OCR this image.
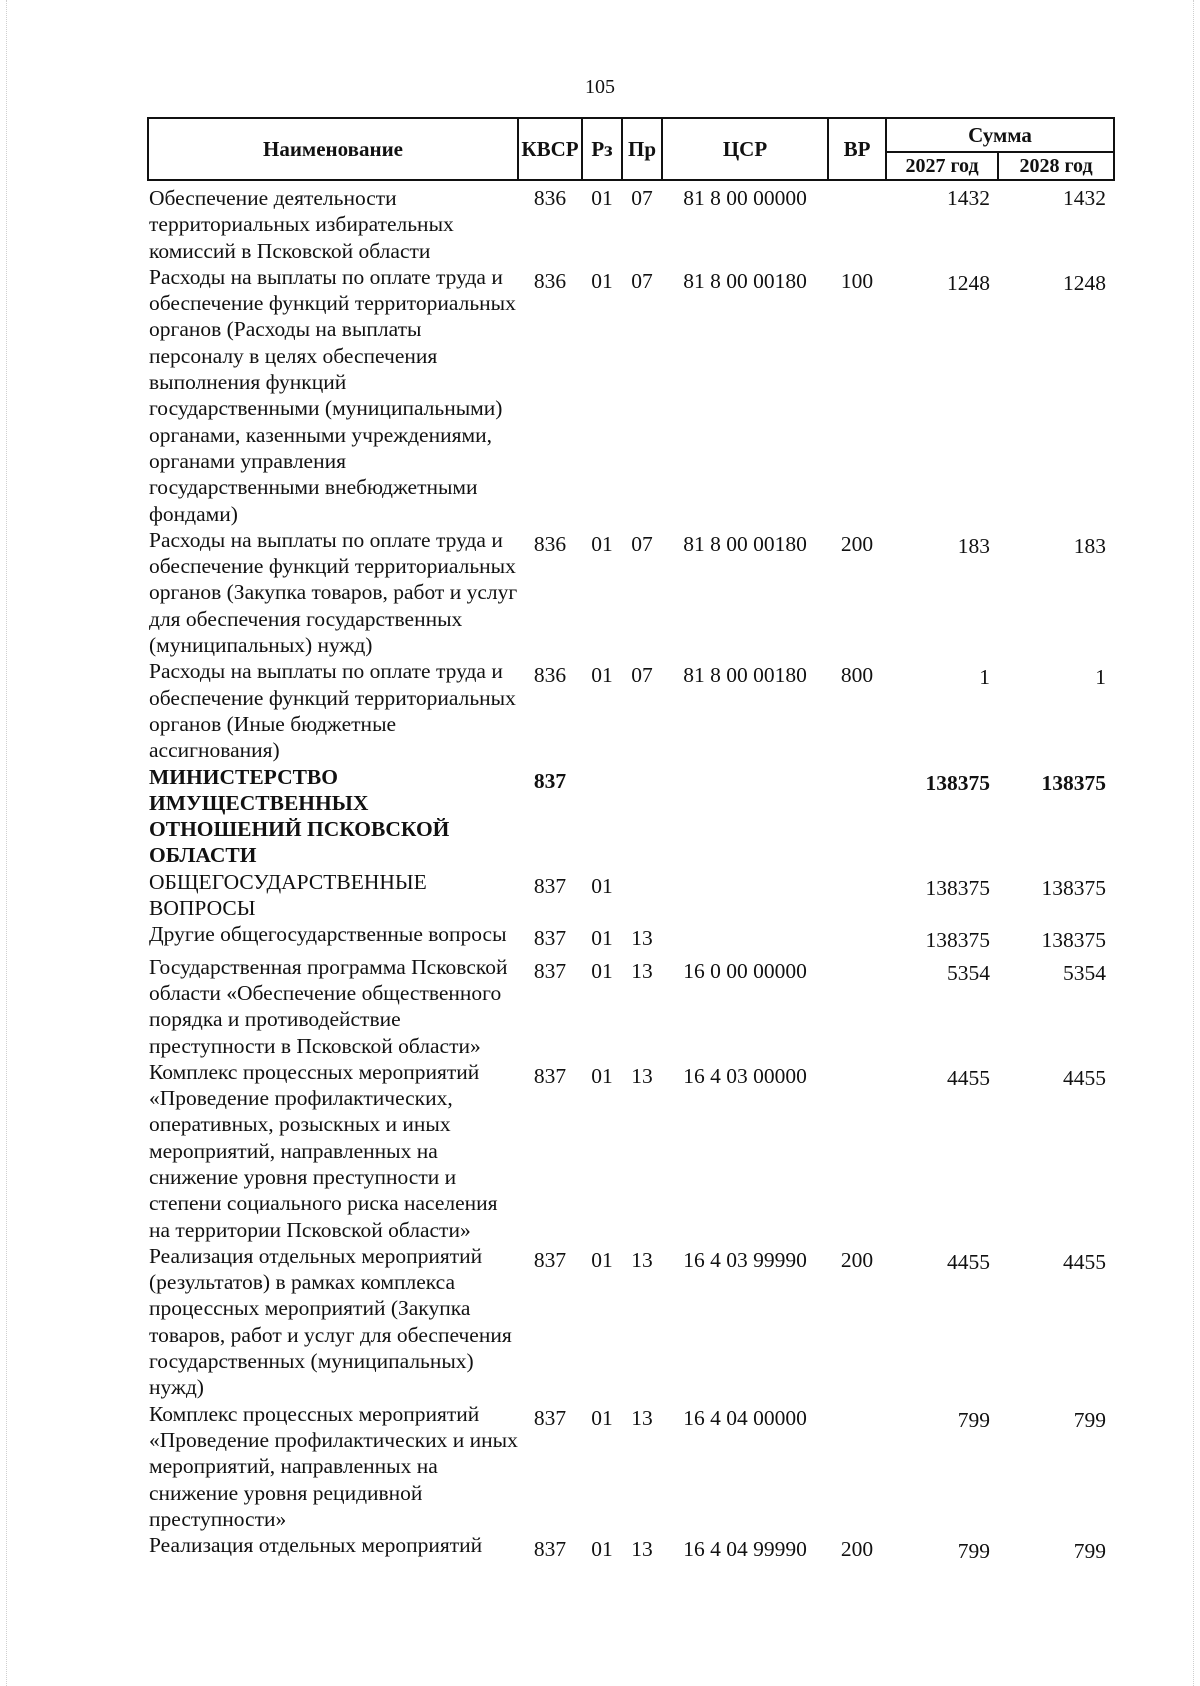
105
Наименование	КВСР	Рз	Пр	ЦСР	ВР	Сумма	
						2027 год	2028 год
Обеспечение деятельности территориальных избирательных комиссий в Псковской области	836	01	07	81 8 00 00000		1432	1432
Расходы на выплаты по оплате труда и обеспечение функций территориальных органов (Расходы на выплаты персоналу в целях обеспечения выполнения функций государственными (муниципальными) органами, казенными учреждениями, органами управления государственными внебюджетными фондами)	836	01	07	81 8 00 00180	100	1248	1248
Расходы на выплаты по оплате труда и обеспечение функций территориальных органов (Закупка товаров, работ и услуг для обеспечения государственных (муниципальных) нужд)	836	01	07	81 8 00 00180	200	183	183
Расходы на выплаты по оплате труда и обеспечение функций территориальных органов (Иные бюджетные ассигнования)	836	01	07	81 8 00 00180	800	1	1
МИНИСТЕРСТВО ИМУЩЕСТВЕННЫХ ОТНОШЕНИЙ ПСКОВСКОЙ ОБЛАСТИ	837					138375	138375
ОБЩЕГОСУДАРСТВЕННЫЕ ВОПРОСЫ	837	01				138375	138375
Другие общегосударственные вопросы	837	01	13			138375	138375
Государственная программа Псковской области «Обеспечение общественного порядка и противодействие преступности в Псковской области»	837	01	13	16 0 00 00000		5354	5354
Комплекс процессных мероприятий «Проведение профилактических, оперативных, розыскных и иных мероприятий, направленных на снижение уровня преступности и степени социального риска населения на территории Псковской области»	837	01	13	16 4 03 00000		4455	4455
Реализация отдельных мероприятий (результатов) в рамках комплекса процессных мероприятий (Закупка товаров, работ и услуг для обеспечения государственных (муниципальных) нужд)	837	01	13	16 4 03 99990	200	4455	4455
Комплекс процессных мероприятий «Проведение профилактических и иных мероприятий, направленных на снижение уровня рецидивной преступности»	837	01	13	16 4 04 00000		799	799
Реализация отдельных мероприятий	837	01	13	16 4 04 99990	200	799	799
